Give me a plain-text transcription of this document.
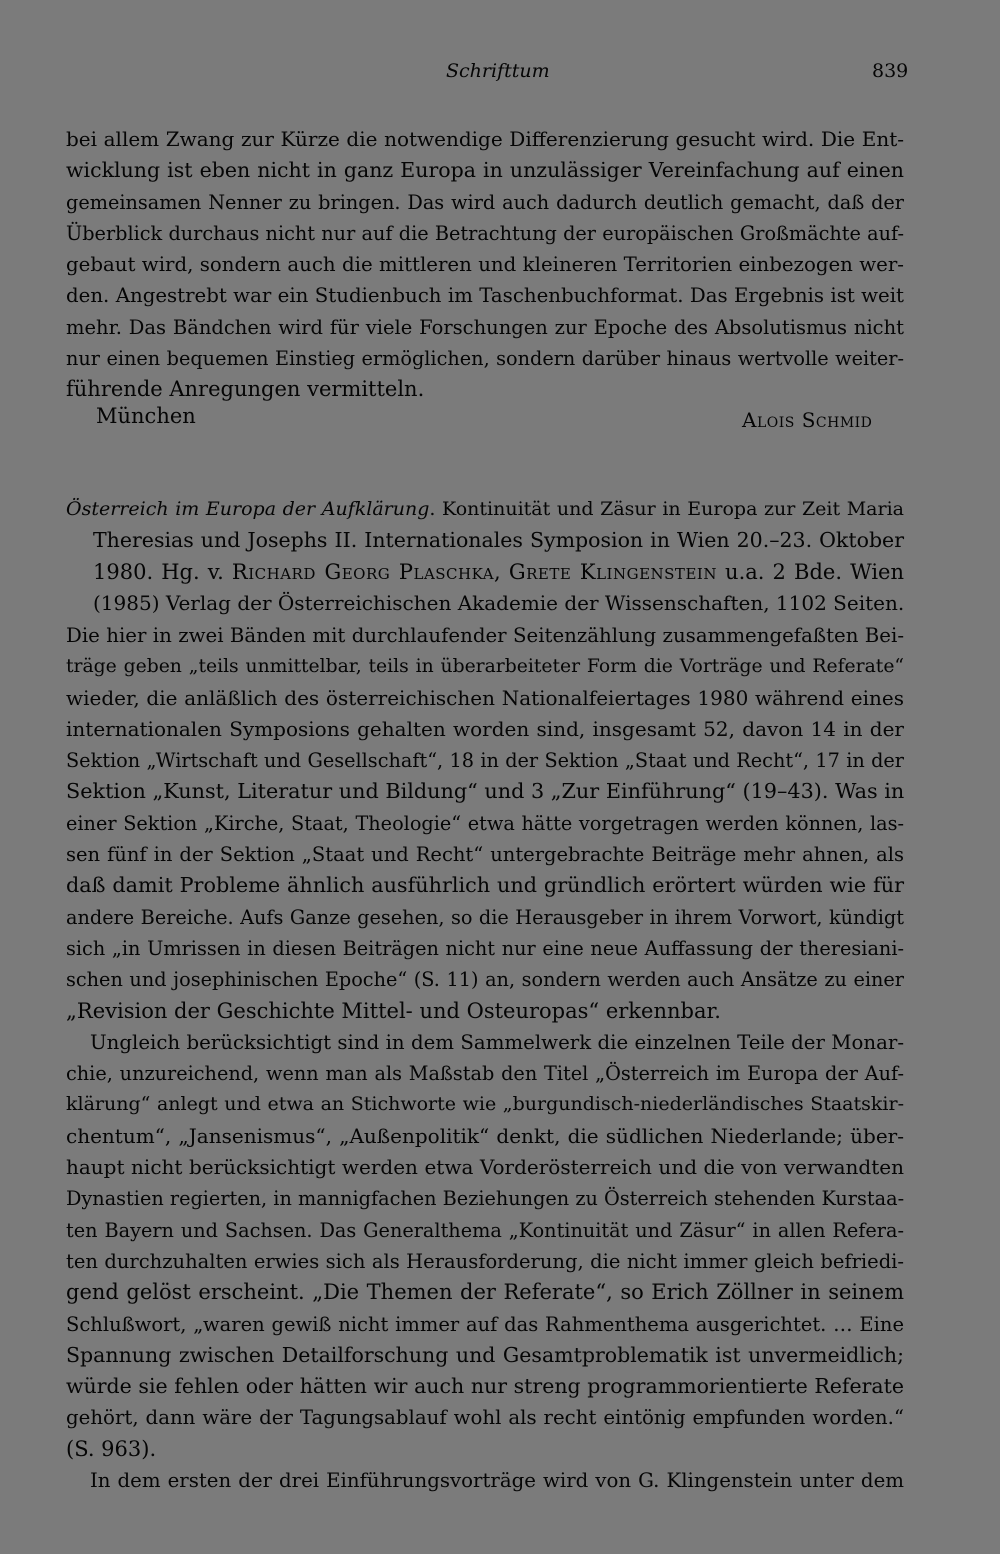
Schrifttum	839
bei allem Zwang zur Kürze die notwendige Differenzierung gesucht wird. Die Ent-
wicklung ist eben nicht in ganz Europa in unzulässiger Vereinfachung auf einen
gemeinsamen Nenner zu bringen. Das wird auch dadurch deutlich gemacht, daß der
Überblick durchaus nicht nur auf die Betrachtung der europäischen Großmächte auf-
gebaut wird, sondern auch die mittleren und kleineren Territorien einbezogen wer-
den. Angestrebt war ein Studienbuch im Taschenbuchformat. Das Ergebnis ist weit
mehr. Das Bändchen wird für viele Forschungen zur Epoche des Absolutismus nicht
nur einen bequemen Einstieg ermöglichen, sondern darüber hinaus wertvolle weiter-
führende Anregungen vermitteln.
München	Alois Schmid
Österreich im Europa der Aufklärung. Kontinuität und Zäsur in Europa zur Zeit Maria
Theresias und Josephs II. Internationales Symposion in Wien 20.–23. Oktober
1980. Hg. v. Richard Georg Plaschka, Grete Klingenstein u.a. 2 Bde. Wien
(1985) Verlag der Österreichischen Akademie der Wissenschaften, 1102 Seiten.
Die hier in zwei Bänden mit durchlaufender Seitenzählung zusammengefaßten Bei-
träge geben „teils unmittelbar, teils in überarbeiteter Form die Vorträge und Referate“
wieder, die anläßlich des österreichischen Nationalfeiertages 1980 während eines
internationalen Symposions gehalten worden sind, insgesamt 52, davon 14 in der
Sektion „Wirtschaft und Gesellschaft“, 18 in der Sektion „Staat und Recht“, 17 in der
Sektion „Kunst, Literatur und Bildung“ und 3 „Zur Einführung“ (19–43). Was in
einer Sektion „Kirche, Staat, Theologie“ etwa hätte vorgetragen werden können, las-
sen fünf in der Sektion „Staat und Recht“ untergebrachte Beiträge mehr ahnen, als
daß damit Probleme ähnlich ausführlich und gründlich erörtert würden wie für
andere Bereiche. Aufs Ganze gesehen, so die Herausgeber in ihrem Vorwort, kündigt
sich „in Umrissen in diesen Beiträgen nicht nur eine neue Auffassung der theresiani-
schen und josephinischen Epoche“ (S. 11) an, sondern werden auch Ansätze zu einer
„Revision der Geschichte Mittel- und Osteuropas“ erkennbar.
Ungleich berücksichtigt sind in dem Sammelwerk die einzelnen Teile der Monar-
chie, unzureichend, wenn man als Maßstab den Titel „Österreich im Europa der Auf-
klärung“ anlegt und etwa an Stichworte wie „burgundisch-niederländisches Staatskir-
chentum“, „Jansenismus“, „Außenpolitik“ denkt, die südlichen Niederlande; über-
haupt nicht berücksichtigt werden etwa Vorderösterreich und die von verwandten
Dynastien regierten, in mannigfachen Beziehungen zu Österreich stehenden Kurstaa-
ten Bayern und Sachsen. Das Generalthema „Kontinuität und Zäsur“ in allen Refera-
ten durchzuhalten erwies sich als Herausforderung, die nicht immer gleich befriedi-
gend gelöst erscheint. „Die Themen der Referate“, so Erich Zöllner in seinem
Schlußwort, „waren gewiß nicht immer auf das Rahmenthema ausgerichtet. … Eine
Spannung zwischen Detailforschung und Gesamtproblematik ist unvermeidlich;
würde sie fehlen oder hätten wir auch nur streng programmorientierte Referate
gehört, dann wäre der Tagungsablauf wohl als recht eintönig empfunden worden.“
(S. 963).
In dem ersten der drei Einführungsvorträge wird von G. Klingenstein unter dem
